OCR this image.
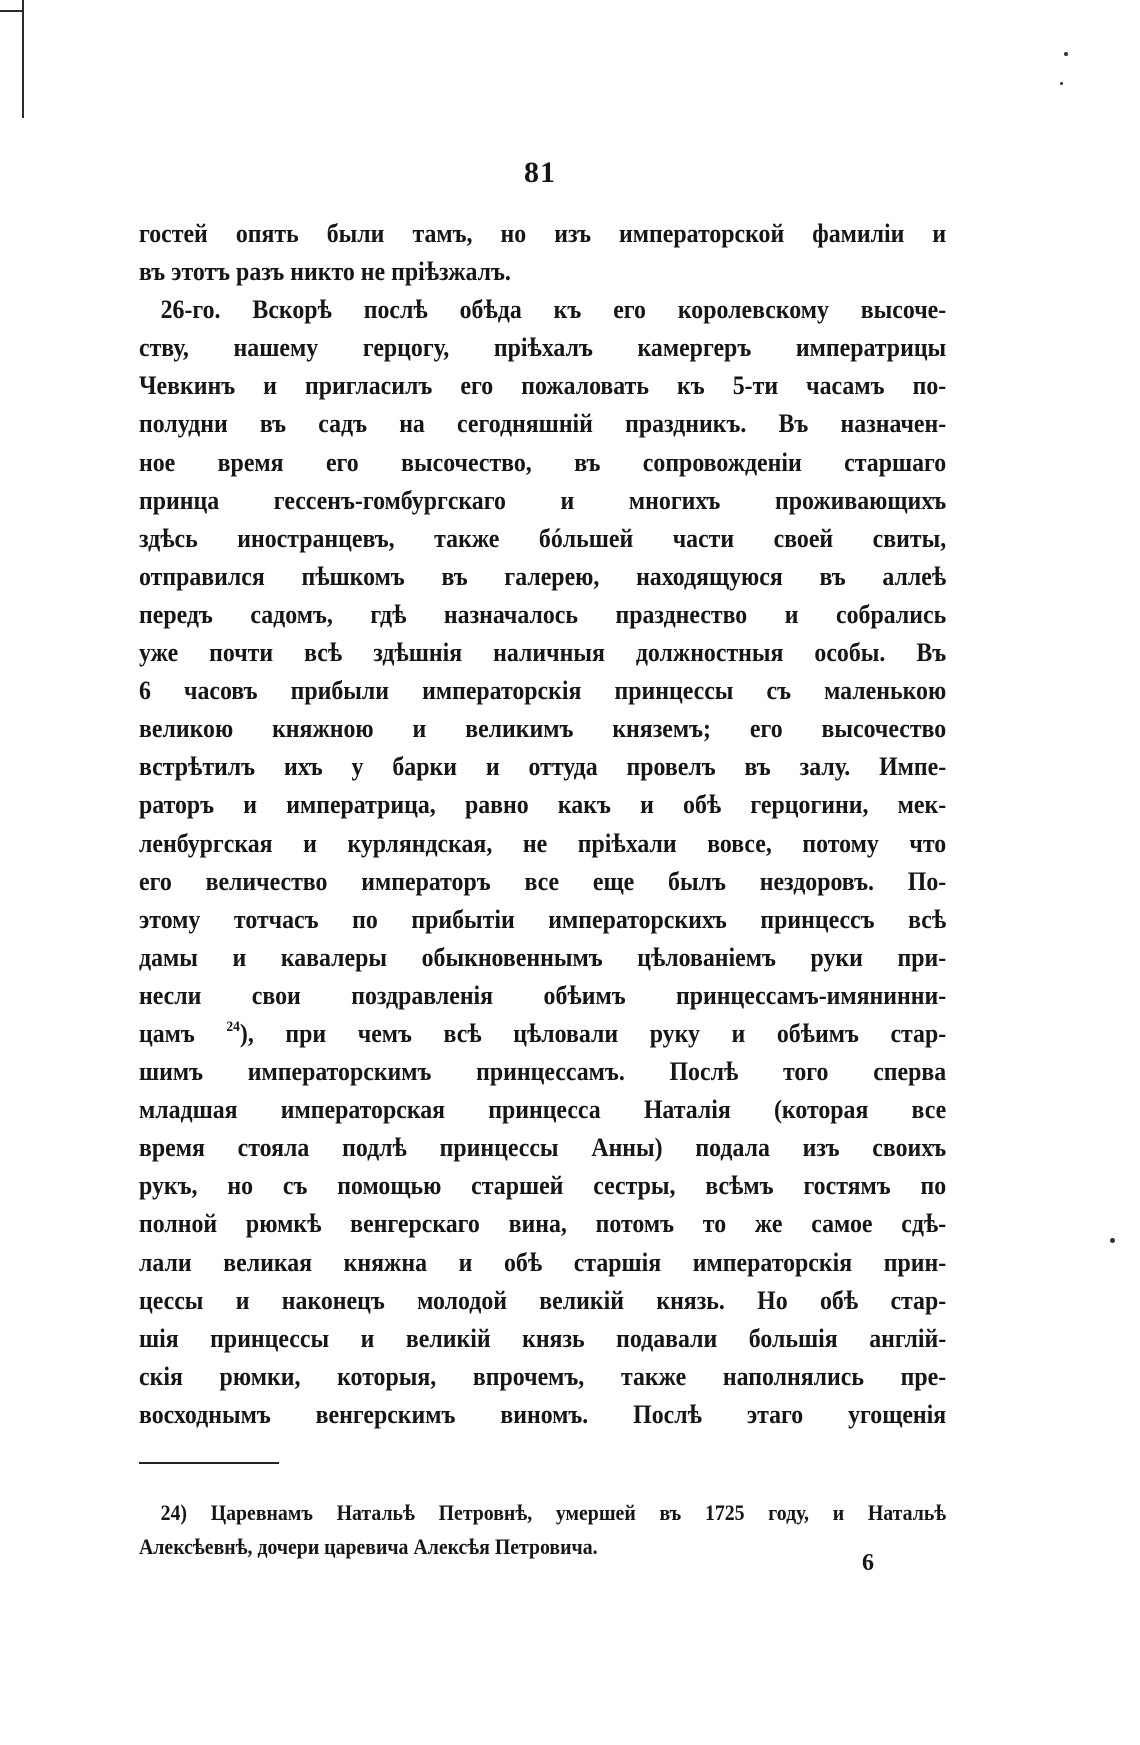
81
гостей опять были тамъ, но изъ императорской фамиліи и
въ этотъ разъ никто не пріѣзжалъ.
26-го. Вскорѣ послѣ обѣда къ его королевскому высоче-
ству, нашему герцогу, пріѣхалъ камергеръ императрицы
Чевкинъ и пригласилъ его пожаловать къ 5-ти часамъ по-
полудни въ садъ на сегодняшній праздникъ. Въ назначен-
ное время его высочество, въ сопровожденіи старшаго
принца гессенъ-гомбургскаго и многихъ проживающихъ
здѣсь иностранцевъ, также бóльшей части своей свиты,
отправился пѣшкомъ въ галерею, находящуюся въ аллеѣ
передъ садомъ, гдѣ назначалось празднество и собрались
уже почти всѣ здѣшнія наличныя должностныя особы. Въ
6 часовъ прибыли императорскія принцессы съ маленькою
великою княжною и великимъ княземъ; его высочество
встрѣтилъ ихъ у барки и оттуда провелъ въ залу. Импе-
раторъ и императрица, равно какъ и обѣ герцогини, мек-
ленбургская и курляндская, не пріѣхали вовсе, потому что
его величество императоръ все еще былъ нездоровъ. По-
этому тотчасъ по прибытіи императорскихъ принцессъ всѣ
дамы и кавалеры обыкновеннымъ цѣлованіемъ руки при-
несли свои поздравленія обѣимъ принцессамъ-имянинни-
цамъ $^{24}$), при чемъ всѣ цѣловали руку и обѣимъ стар-
шимъ императорскимъ принцессамъ. Послѣ того сперва
младшая императорская принцесса Наталія (которая все
время стояла подлѣ принцессы Анны) подала изъ своихъ
рукъ, но съ помощью старшей сестры, всѣмъ гостямъ по
полной рюмкѣ венгерскаго вина, потомъ то же самое сдѣ-
лали великая княжна и обѣ старшія императорскія прин-
цессы и наконецъ молодой великій князь. Но обѣ стар-
шія принцессы и великій князь подавали большія англій-
скія рюмки, которыя, впрочемъ, также наполнялись пре-
восходнымъ венгерскимъ виномъ. Послѣ этаго угощенія
24) Царевнамъ Натальѣ Петровнѣ, умершей въ 1725 году, и Натальѣ
Алексѣевнѣ, дочери царевича Алексѣя Петровича.
6
